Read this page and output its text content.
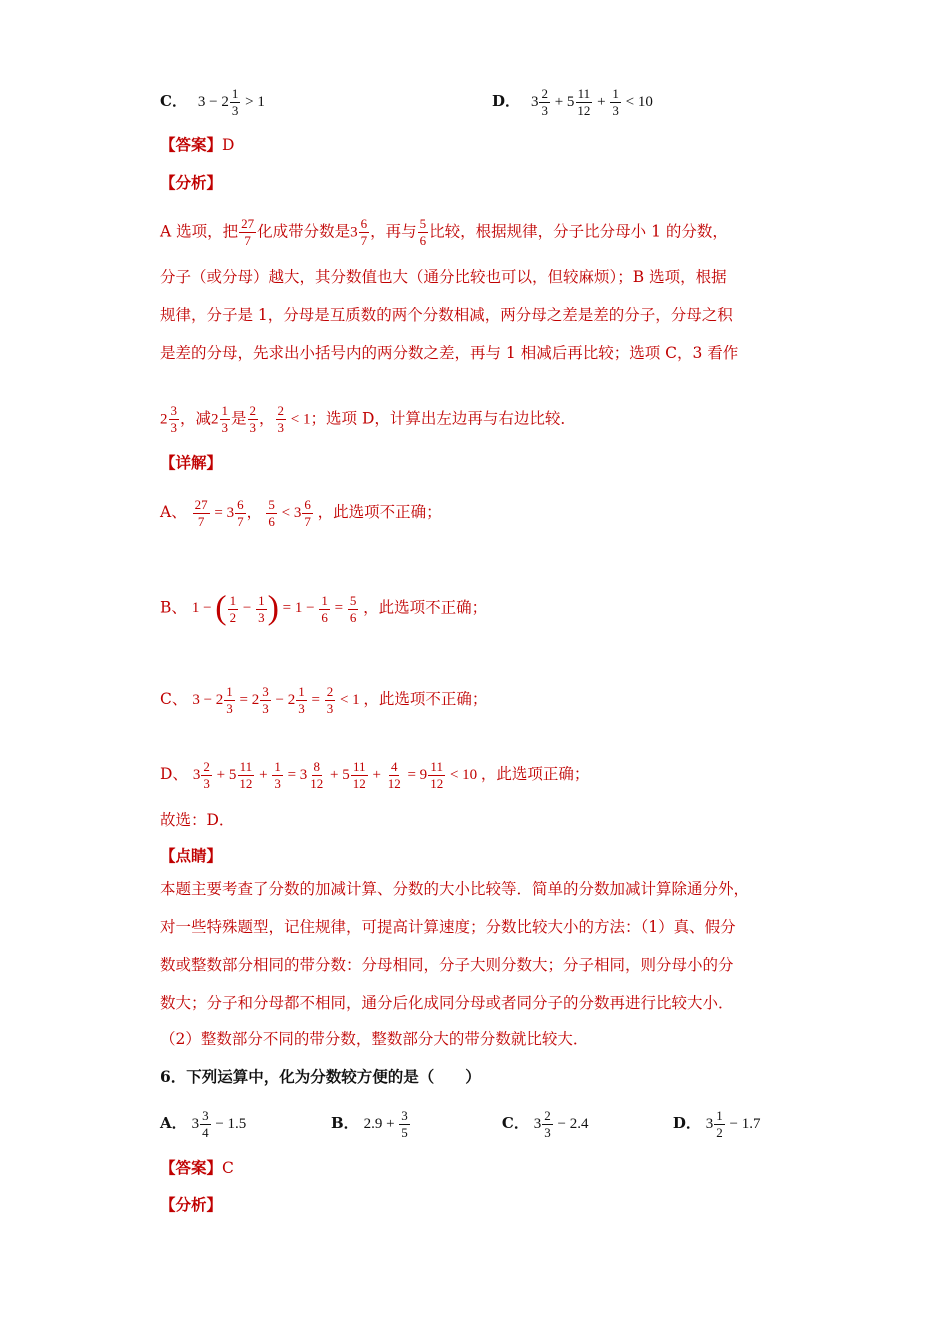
C． $3 - 2 \frac{1}{3} > 1$	D． $3 \frac{2}{3} + 5 \frac{11}{12} + \frac{1}{3} < 10$
【答案】D
【分析】
A 选项，把 $\frac{27}{7}$ 化成带分数是$3 \frac{6}{7}$ ，再与 $\frac{5}{6}$ 比较，根据规律，分子比分母小 1 的分数，
分子（或分母）越大，其分数值也大（通分比较也可以，但较麻烦）；B 选项，根据
规律，分子是 1，分母是互质数的两个分数相减，两分母之差是差的分子，分母之积
是差的分母，先求出小括号内的两分数之差，再与 1 相减后再比较；选项 C，3 看作
$2 \frac{3}{3}$ ，减$2 \frac{1}{3}$ 是 $\frac{2}{3}$ ， $\frac{2}{3} < 1$；选项 D，计算出左边再与右边比较．
【详解】
A、 $\frac{27}{7} = 3 \frac{6}{7}$ ， $\frac{5}{6} < 3 \frac{6}{7}$ ，此选项不正确；
B、 1 − ( $\frac{1}{2} - \frac{1}{3}$ ) = $1 - \frac{1}{6} = \frac{5}{6}$ ，此选项不正确；
C、 $3 - 2 \frac{1}{3} = 2 \frac{3}{3} - 2 \frac{1}{3} = \frac{2}{3} < 1$ ，此选项不正确；
D、 $3 \frac{2}{3} + 5 \frac{11}{12} + \frac{1}{3} = 3 \frac{8}{12} + 5 \frac{11}{12} + \frac{4}{12} = 9 \frac{11}{12} < 10$ ，此选项正确；
故选：D．
【点睛】
本题主要考查了分数的加减计算、分数的大小比较等．简单的分数加减计算除通分外，
对一些特殊题型，记住规律，可提高计算速度；分数比较大小的方法：（1）真、假分
数或整数部分相同的带分数：分母相同，分子大则分数大；分子相同，则分母小的分
数大；分子和分母都不相同，通分后化成同分母或者同分子的分数再进行比较大小．
（2）整数部分不同的带分数，整数部分大的带分数就比较大．
6．下列运算中，化为分数较方便的是（　　）
A． $3 \frac{3}{4} - 1.5$	B． $2.9 + \frac{3}{5}$	C． $3 \frac{2}{3} - 2.4$	D． $3 \frac{1}{2} - 1.7$
【答案】C
【分析】
